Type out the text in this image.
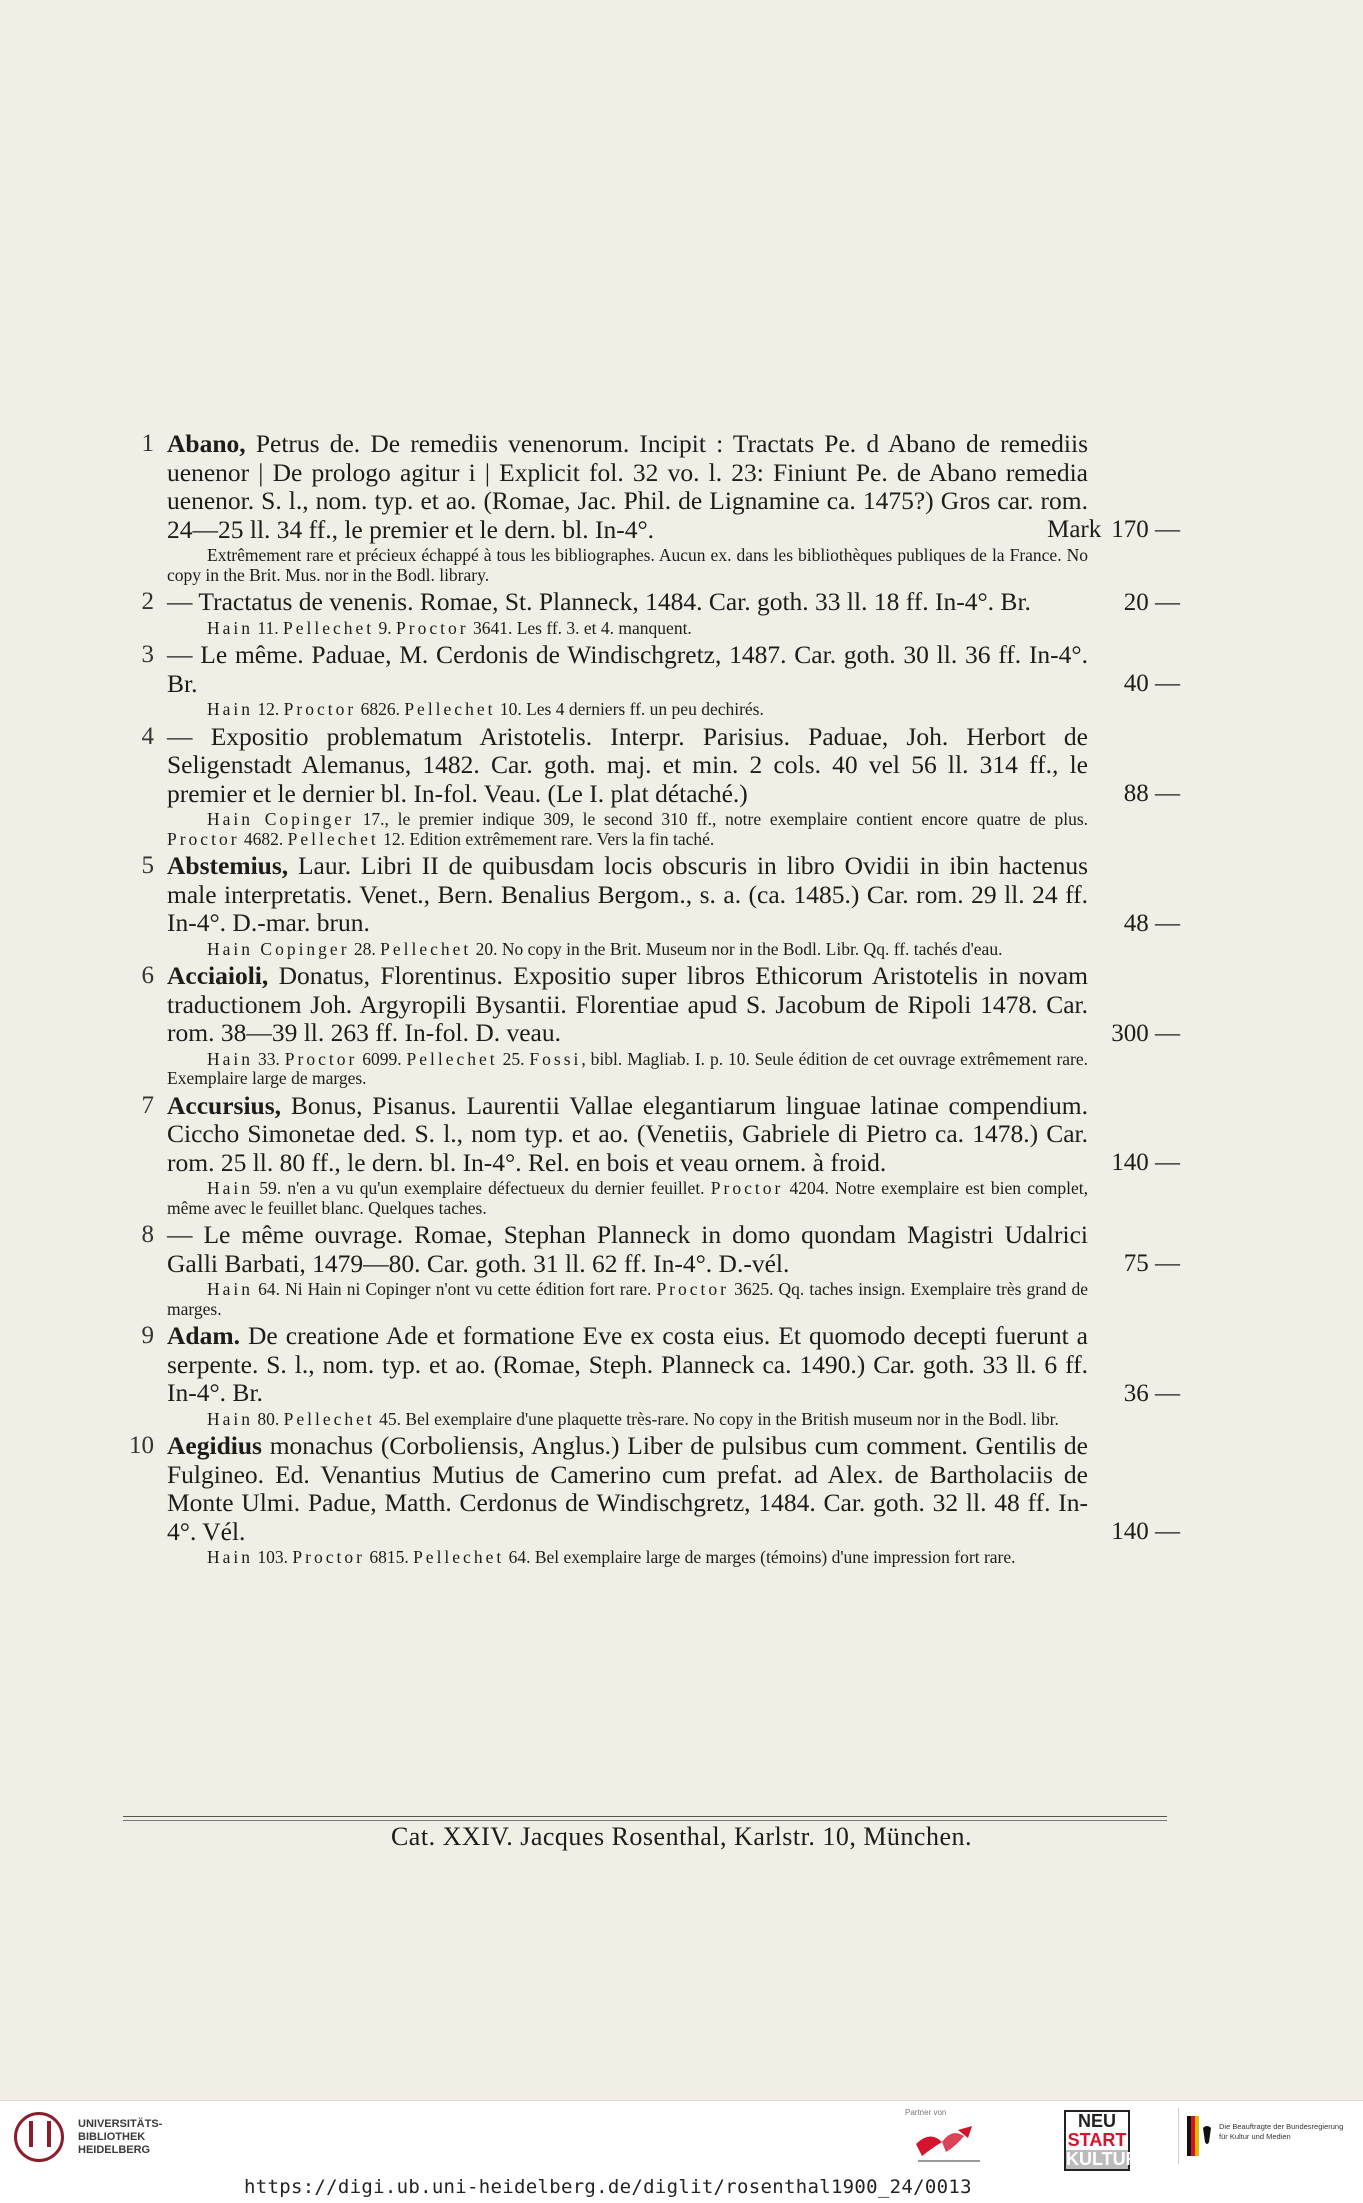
1 Abano, Petrus de. De remediis venenorum. Incipit : Tractats Pe. d Abano de remediis uenenor | De prologo agitur i | Explicit fol. 32 vo. l. 23: Finiunt Pe. de Abano remedia uenenor. S. l., nom. typ. et ao. (Romae, Jac. Phil. de Lignamine ca. 1475?) Gros car. rom. 24—25 ll. 34 ff., le premier et le dern. bl. In-4°.	Mark 170 —
Extrêmement rare et précieux échappé à tous les bibliographes. Aucun ex. dans les bibliothèques publiques de la France. No copy in the Brit. Mus. nor in the Bodl. library.
2 — Tractatus de venenis. Romae, St. Planneck, 1484. Car. goth. 33 ll. 18 ff. In-4°. Br.	20 —
Hain 11. Pellechet 9. Proctor 3641. Les ff. 3. et 4. manquent.
3 — Le même. Paduae, M. Cerdonis de Windischgretz, 1487. Car. goth. 30 ll. 36 ff. In-4°. Br.	40 —
Hain 12. Proctor 6826. Pellechet 10. Les 4 derniers ff. un peu dechirés.
4 — Expositio problematum Aristotelis. Interpr. Parisius. Paduae, Joh. Herbort de Seligenstadt Alemanus, 1482. Car. goth. maj. et min. 2 cols. 40 vel 56 ll. 314 ff., le premier et le dernier bl. In-fol. Veau. (Le I. plat détaché.)	88 —
Hain Copinger 17., le premier indique 309, le second 310 ff., notre exemplaire contient encore quatre de plus. Proctor 4682. Pellechet 12. Edition extrêmement rare. Vers la fin taché.
5 Abstemius, Laur. Libri II de quibusdam locis obscuris in libro Ovidii in ibin hactenus male interpretatis. Venet., Bern. Benalius Bergom., s. a. (ca. 1485.) Car. rom. 29 ll. 24 ff. In-4°. D.-mar. brun.	48 —
Hain Copinger 28. Pellechet 20. No copy in the Brit. Museum nor in the Bodl. Libr. Qq. ff. tachés d'eau.
6 Acciaioli, Donatus, Florentinus. Expositio super libros Ethicorum Aristotelis in novam traductionem Joh. Argyropili Bysantii. Florentiae apud S. Jacobum de Ripoli 1478. Car. rom. 38—39 ll. 263 ff. In-fol. D. veau.	300 —
Hain 33. Proctor 6099. Pellechet 25. Fossi, bibl. Magliab. I. p. 10. Seule édition de cet ouvrage extrêmement rare. Exemplaire large de marges.
7 Accursius, Bonus, Pisanus. Laurentii Vallae elegantiarum linguae latinae compendium. Ciccho Simonetae ded. S. l., nom typ. et ao. (Venetiis, Gabriele di Pietro ca. 1478.) Car. rom. 25 ll. 80 ff., le dern. bl. In-4°. Rel. en bois et veau ornem. à froid.	140 —
Hain 59. n'en a vu qu'un exemplaire défectueux du dernier feuillet. Proctor 4204. Notre exemplaire est bien complet, même avec le feuillet blanc. Quelques taches.
8 — Le même ouvrage. Romae, Stephan Planneck in domo quondam Magistri Udalrici Galli Barbati, 1479—80. Car. goth. 31 ll. 62 ff. In-4°. D.-vél.	75 —
Hain 64. Ni Hain ni Copinger n'ont vu cette édition fort rare. Proctor 3625. Qq. taches insign. Exemplaire très grand de marges.
9 Adam. De creatione Ade et formatione Eve ex costa eius. Et quomodo decepti fuerunt a serpente. S. l., nom. typ. et ao. (Romae, Steph. Planneck ca. 1490.) Car. goth. 33 ll. 6 ff. In-4°. Br.	36 —
Hain 80. Pellechet 45. Bel exemplaire d'une plaquette très-rare. No copy in the British museum nor in the Bodl. libr.
10 Aegidius monachus (Corboliensis, Anglus.) Liber de pulsibus cum comment. Gentilis de Fulgineo. Ed. Venantius Mutius de Camerino cum prefat. ad Alex. de Bartholaciis de Monte Ulmi. Padue, Matth. Cerdonus de Windischgretz, 1484. Car. goth. 32 ll. 48 ff. In-4°. Vél.	140 —
Hain 103. Proctor 6815. Pellechet 64. Bel exemplaire large de marges (témoins) d'une impression fort rare.
Cat. XXIV. Jacques Rosenthal, Karlstr. 10, München.
UNIVERSITÄTS-
BIBLIOTHEK
HEIDELBERG
Partner von	NEU
START
KULTUR
Die Beauftragte der Bundesregierung
für Kultur und Medien
https://digi.ub.uni-heidelberg.de/diglit/rosenthal1900_24/0013
